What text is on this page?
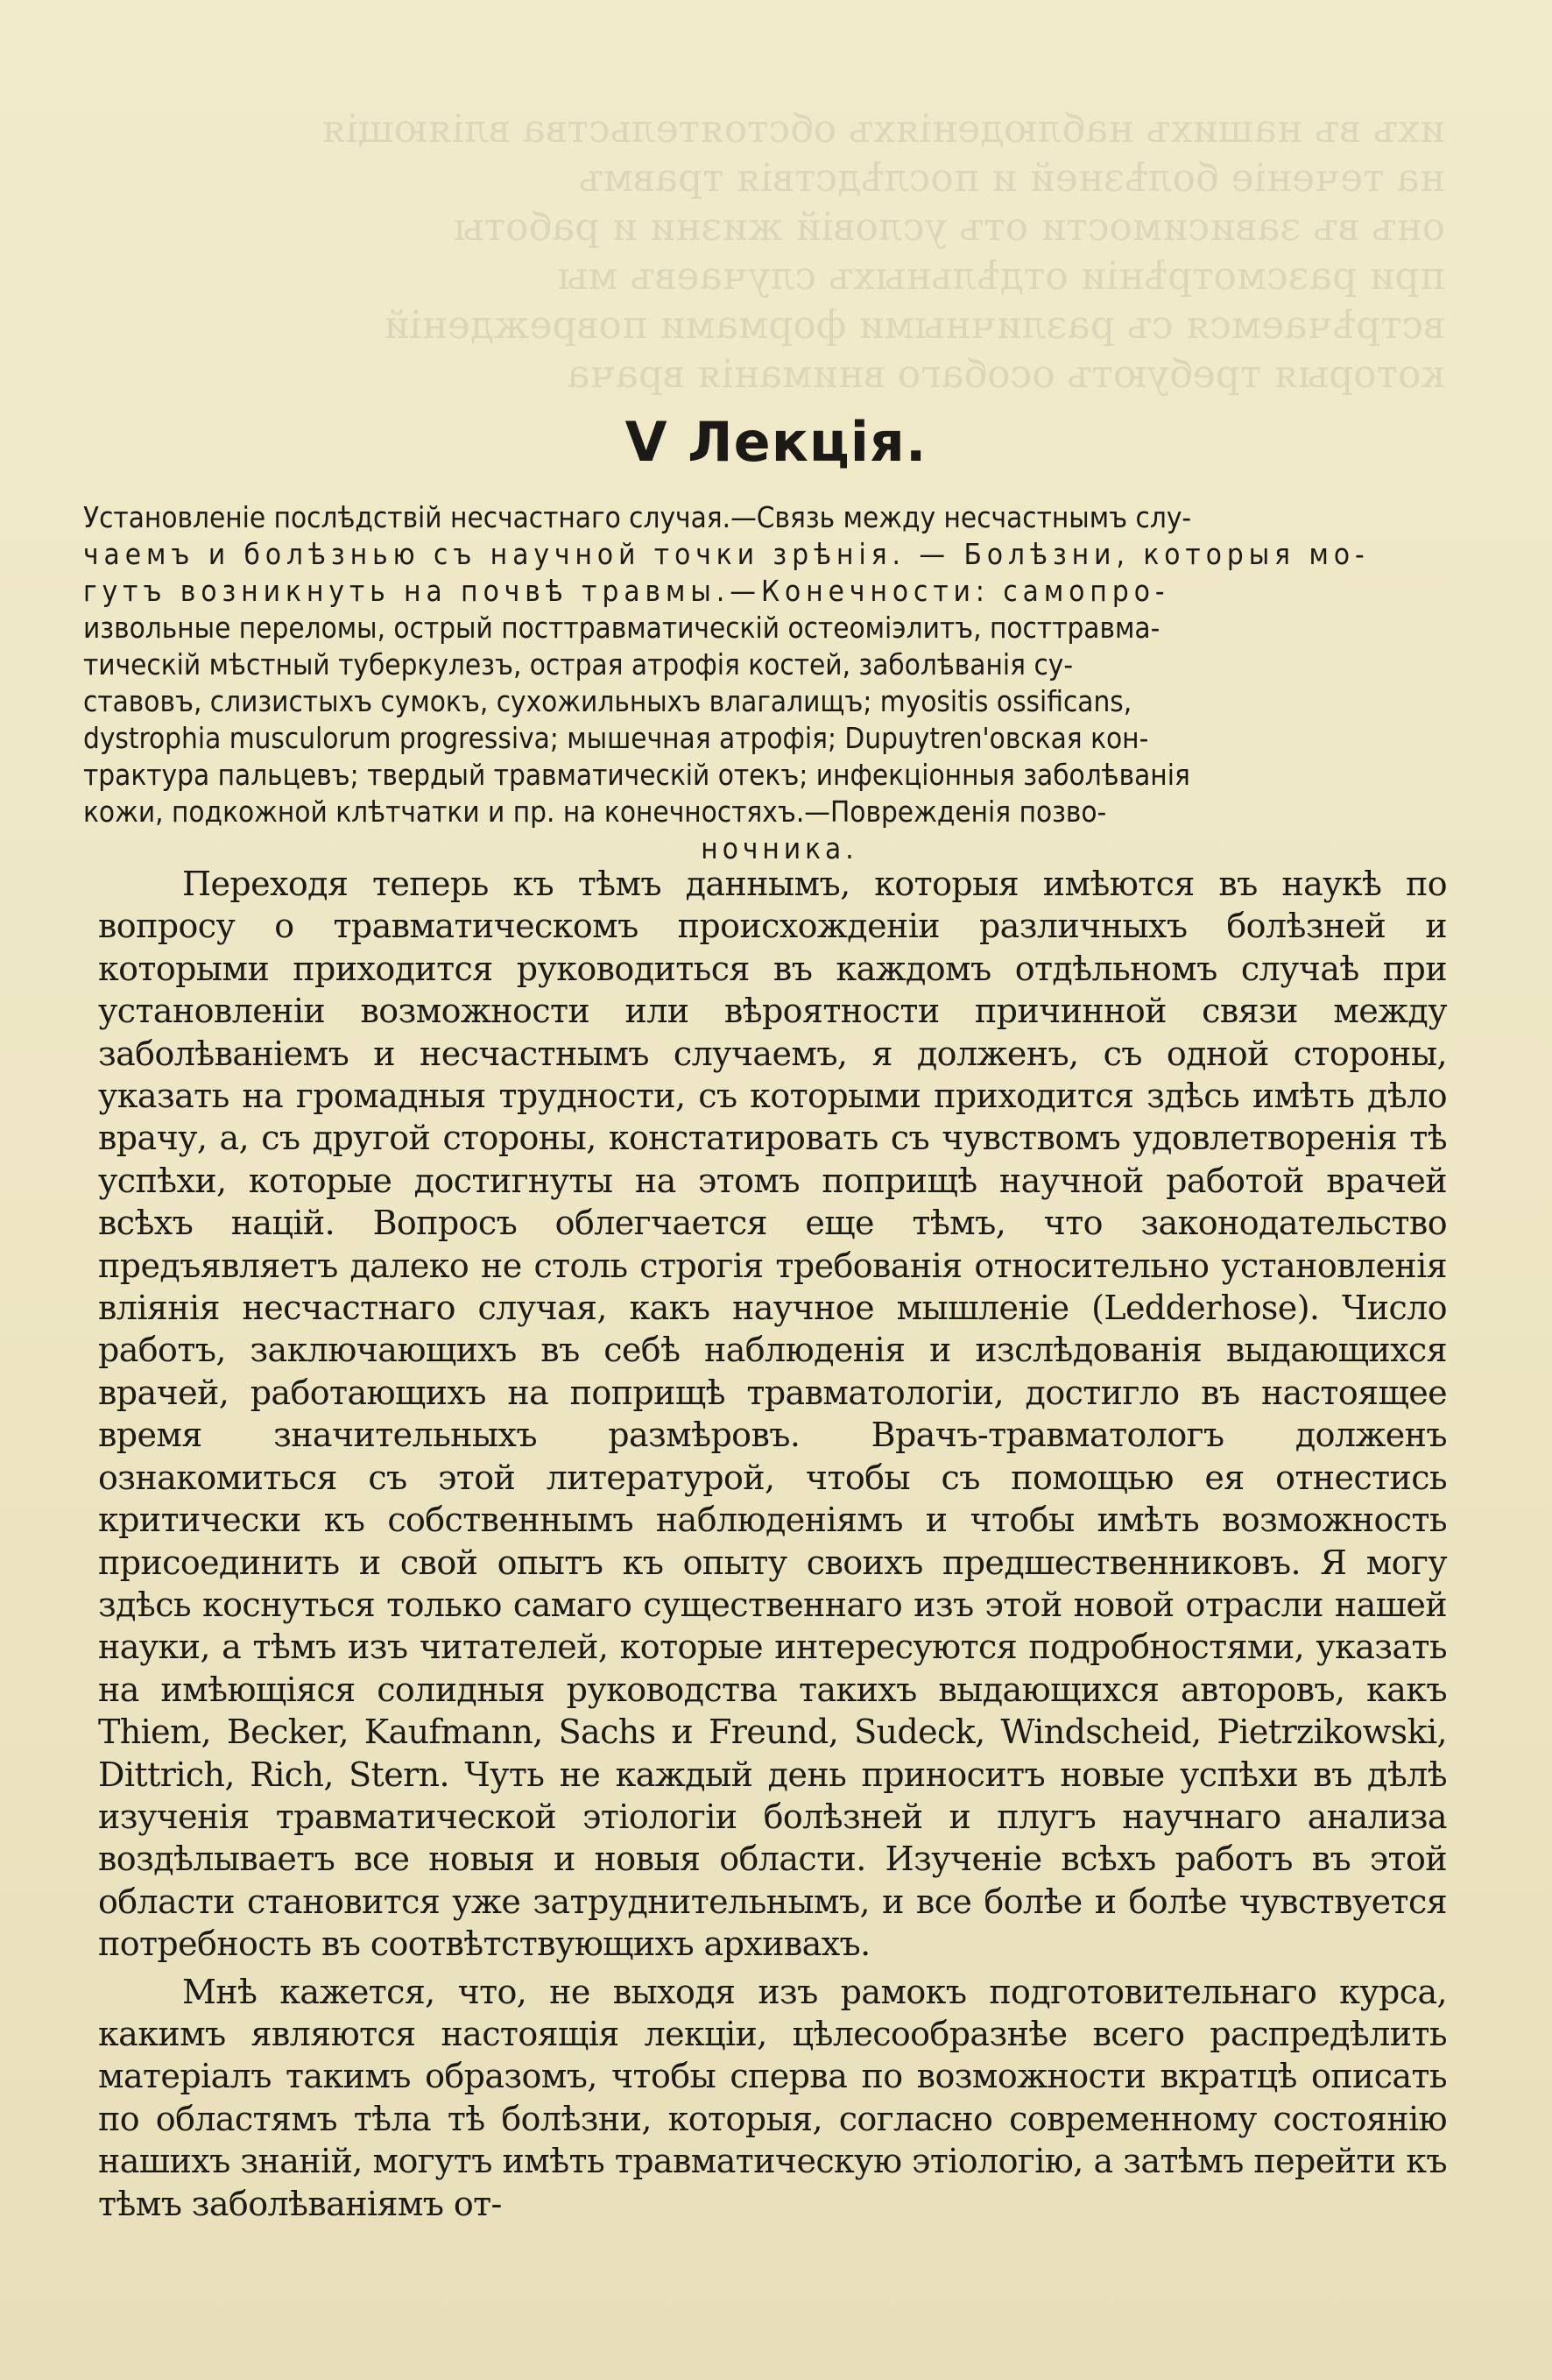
ихъ въ нашихъ наблюденіяхъ обстоятельства вліяющія
на теченіе болѣзней и послѣдствія травмъ
онъ въ зависимости отъ условій жизни и работы
при разсмотрѣніи отдѣльныхъ случаевъ мы
встрѣчаемся съ различными формами поврежденій
которыя требуютъ особаго вниманія врача
V Лекція.
Установленіе послѣдствій несчастнаго случая.—Связь между несчастнымъ слу-
чаемъ и болѣзнью съ научной точки зрѣнія. — Болѣзни, которыя мо-
гутъ возникнуть на почвѣ травмы.—Конечности: самопро-
извольные переломы, острый посттравматическій остеоміэлитъ, посттравма-
тическій мѣстный туберкулезъ, острая атрофія костей, заболѣванія су-
ставовъ, слизистыхъ сумокъ, сухожильныхъ влагалищъ; myositis ossificans,
dystrophia musculorum progressiva; мышечная атрофія; Dupuytren'овская кон-
трактура пальцевъ; твердый травматическій отекъ; инфекціонныя заболѣванія
кожи, подкожной клѣтчатки и пр. на конечностяхъ.—Поврежденія позво-
ночника.

Переходя теперь къ тѣмъ даннымъ, которыя имѣются въ наукѣ по вопросу о травматическомъ происхожденіи различныхъ болѣзней и которыми приходится руководиться въ каждомъ отдѣльномъ случаѣ при установленіи возможности или вѣроятности причинной связи между заболѣваніемъ и несчастнымъ случаемъ, я долженъ, съ одной стороны, указать на громадныя трудности, съ которыми приходится здѣсь имѣть дѣло врачу, а, съ другой стороны, констатировать съ чувствомъ удовлетворенія тѣ успѣхи, которые достигнуты на этомъ поприщѣ научной работой врачей всѣхъ націй. Вопросъ облегчается еще тѣмъ, что законодательство предъявляетъ далеко не столь строгія требованія относительно установленія вліянія несчастнаго случая, какъ научное мышленіе (Ledderhose). Число работъ, заключающихъ въ себѣ наблюденія и изслѣдованія выдающихся врачей, работающихъ на поприщѣ травматологіи, достигло въ настоящее время значительныхъ размѣровъ. Врачъ-травматологъ долженъ ознакомиться съ этой литературой, чтобы съ помощью ея отнестись критически къ собственнымъ наблюденіямъ и чтобы имѣть возможность присоединить и свой опытъ къ опыту своихъ предшественниковъ. Я могу здѣсь коснуться только самаго существеннаго изъ этой новой отрасли нашей науки, а тѣмъ изъ читателей, которые интересуются подробностями, указать на имѣющіяся солидныя руководства такихъ выдающихся авторовъ, какъ Thiem, Becker, Kaufmann, Sachs и Freund, Sudeck, Windscheid, Pietrzikowski, Dittrich, Rich, Stern. Чуть не каждый день приноситъ новые успѣхи въ дѣлѣ изученія травматической этіологіи болѣзней и плугъ научнаго анализа воздѣлываетъ все новыя и новыя области. Изученіе всѣхъ работъ въ этой области становится уже затруднительнымъ, и все болѣе и болѣе чувствуется потребность въ соотвѣтствующихъ архивахъ.

Мнѣ кажется, что, не выходя изъ рамокъ подготовительнаго курса, какимъ являются настоящія лекціи, цѣлесообразнѣе всего распредѣлить матеріалъ такимъ образомъ, чтобы сперва по возможности вкратцѣ описать по областямъ тѣла тѣ болѣзни, которыя, согласно современному состоянію нашихъ знаній, могутъ имѣть травматическую этіологію, а затѣмъ перейти къ тѣмъ заболѣваніямъ от-
